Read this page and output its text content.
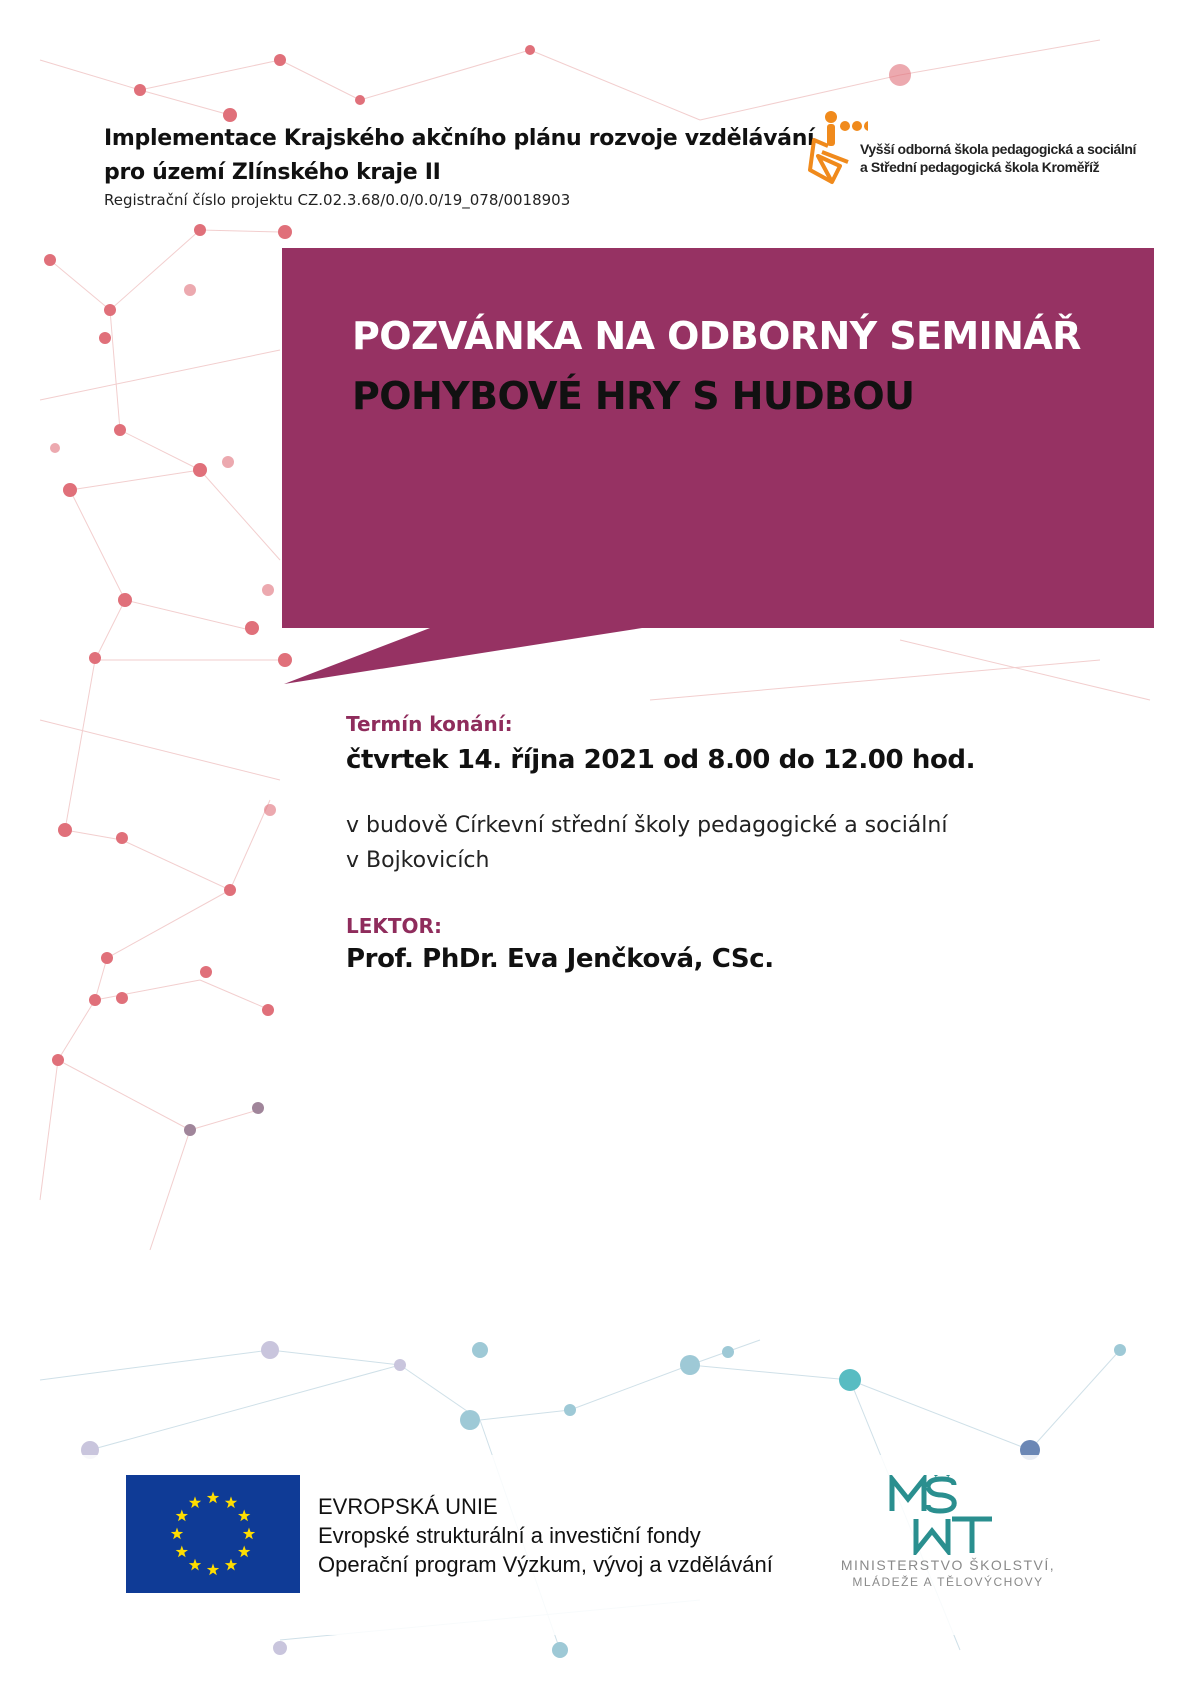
Implementace Krajského akčního plánu rozvoje vzdělávání
pro území Zlínského kraje II
Registrační číslo projektu CZ.02.3.68/0.0/0.0/19_078/0018903
Vyšší odborná škola pedagogická a sociální
a Střední pedagogická škola Kroměříž
POZVÁNKA NA ODBORNÝ SEMINÁŘ
POHYBOVÉ HRY S HUDBOU
Termín konání:
čtvrtek 14. října 2021 od 8.00 do 12.00 hod.
v budově Církevní střední školy pedagogické a sociální
v Bojkovicích
LEKTOR:
Prof. PhDr. Eva Jenčková, CSc.
EVROPSKÁ UNIE
Evropské strukturální a investiční fondy
Operační program Výzkum, vývoj a vzdělávání	MINISTERSTVO ŠKOLSTVÍ,
MLÁDEŽE A TĚLOVÝCHOVY
